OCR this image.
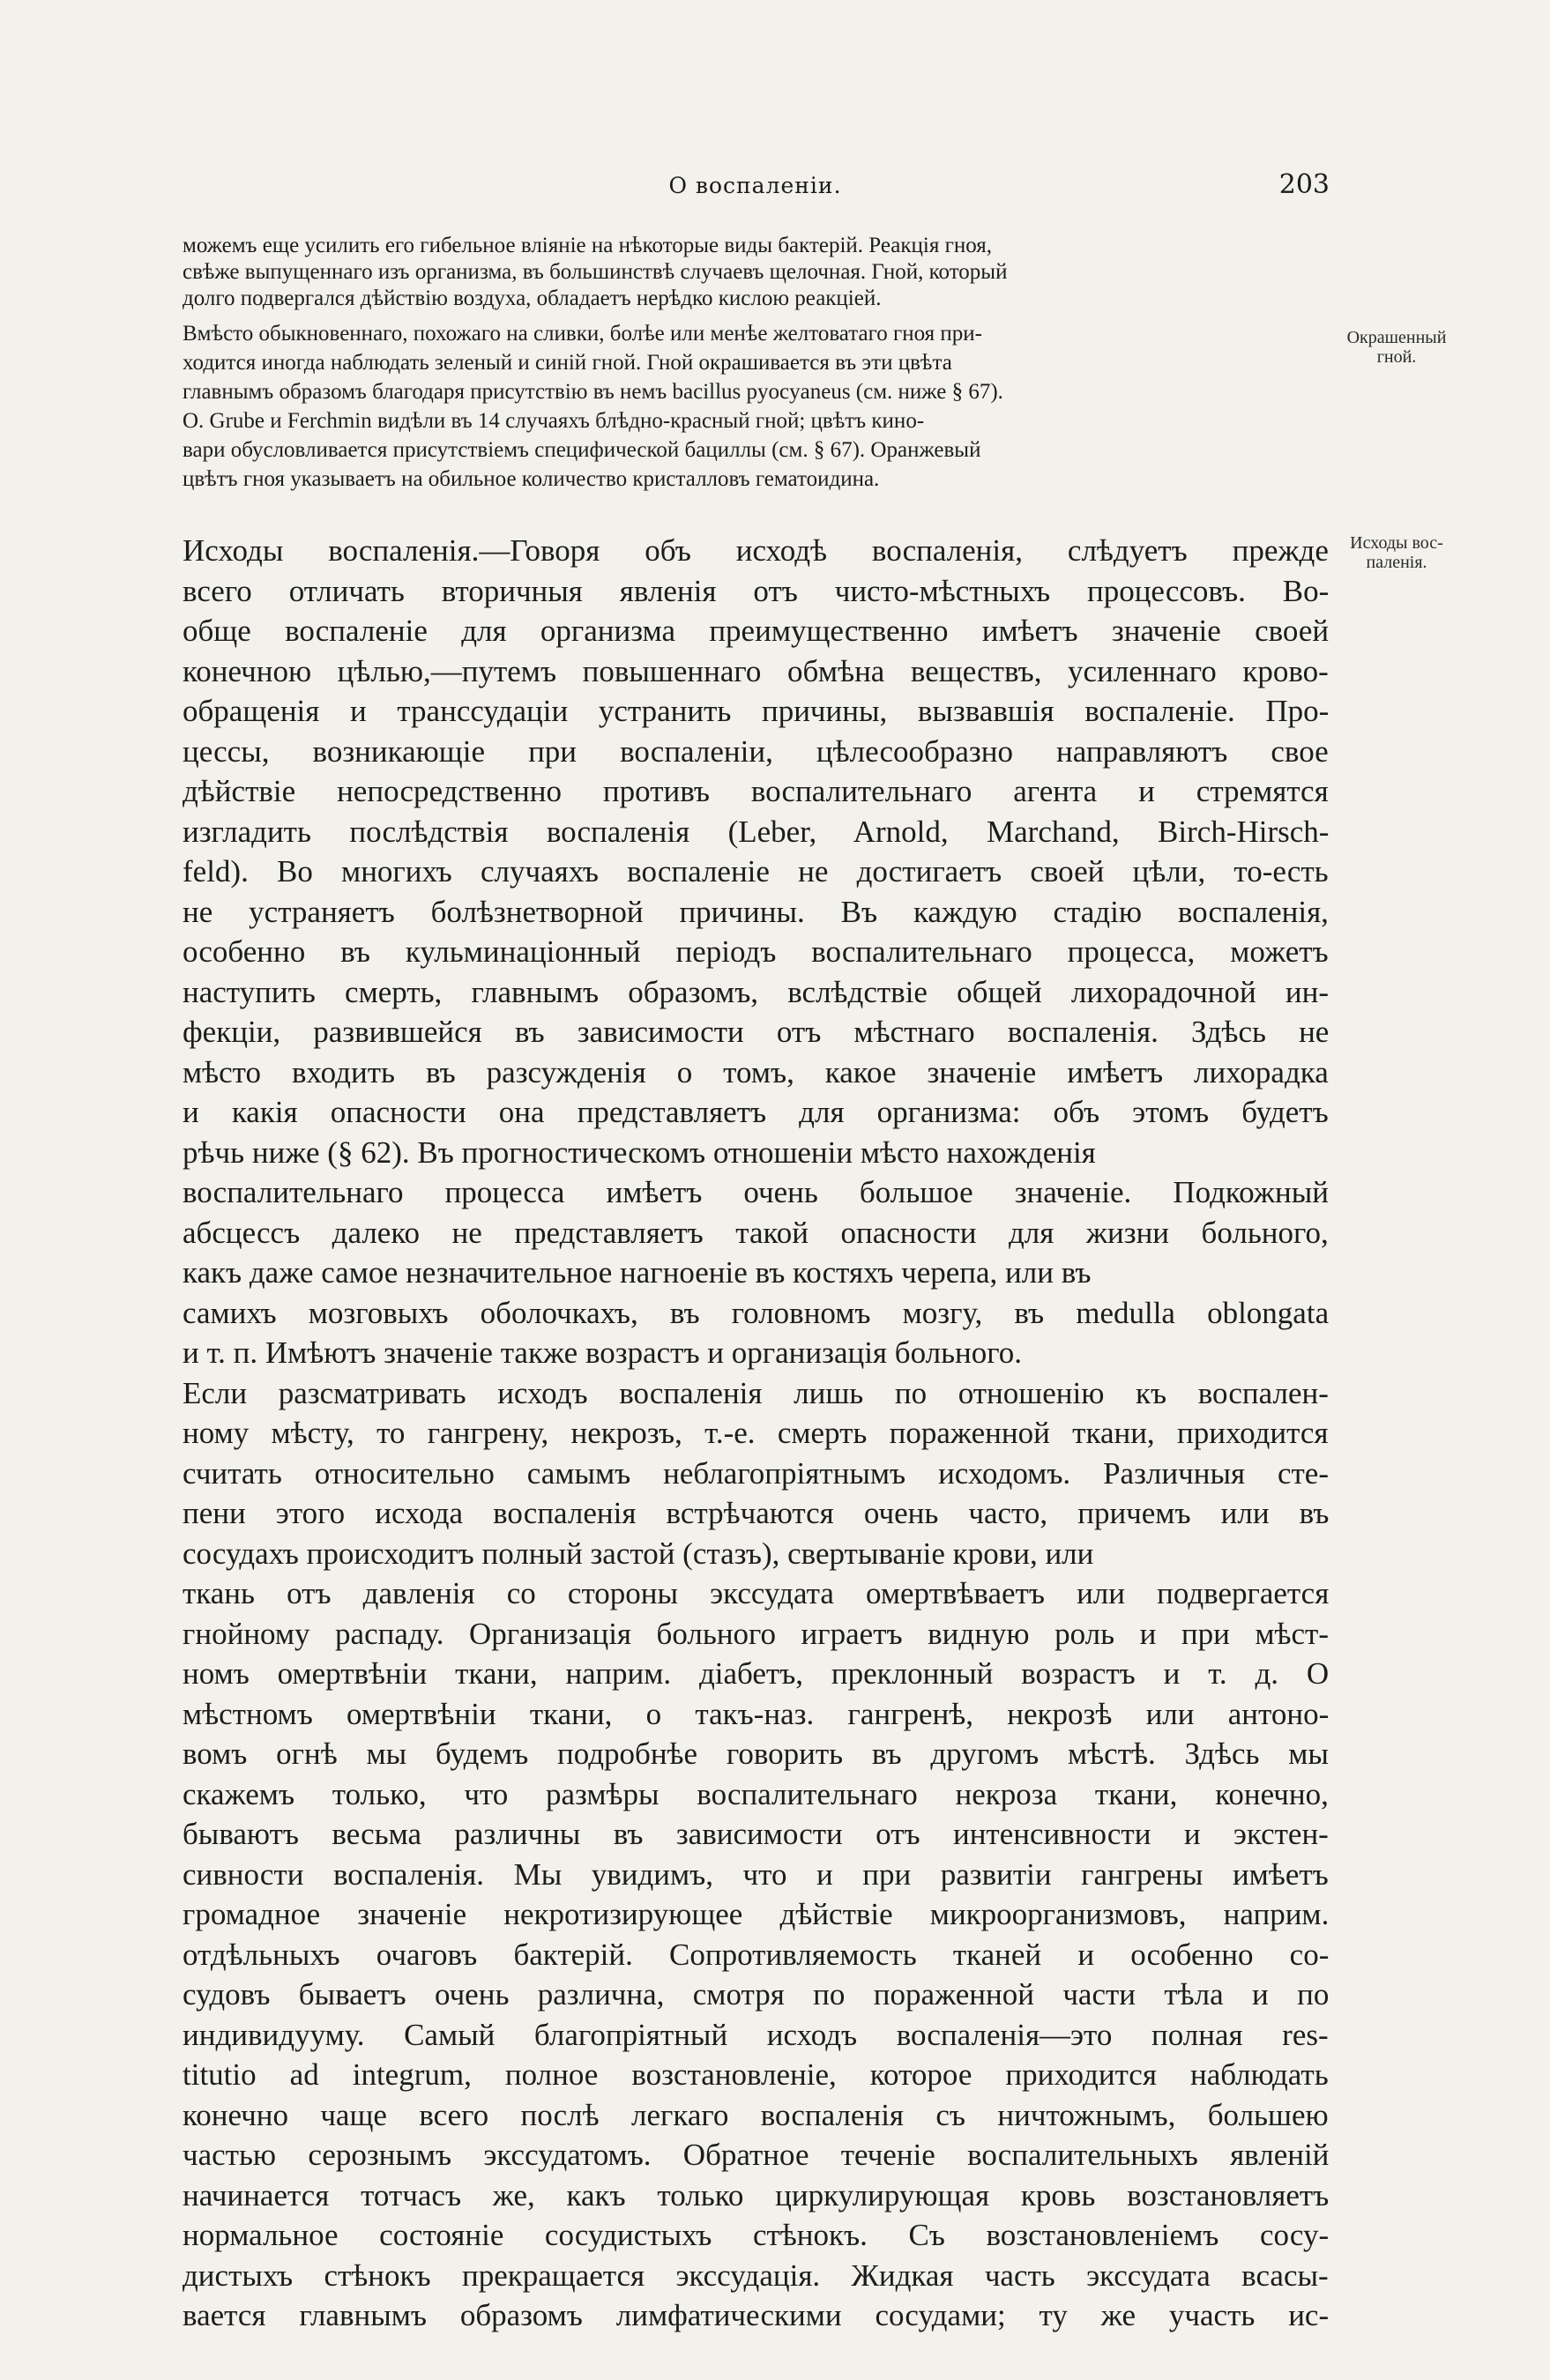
О воспаленіи.	203
можемъ еще усилить его гибельное вліяніе на нѣкоторые виды бактерій. Реакція гноя,
свѣже выпущеннаго изъ организма, въ большинствѣ случаевъ щелочная. Гной, который
долго подвергался дѣйствію воздуха, обладаетъ нерѣдко кислою реакціей.
Вмѣсто обыкновеннаго, похожаго на сливки, болѣе или менѣе желтоватаго гноя при-
ходится иногда наблюдать зеленый и синій гной. Гной окрашивается въ эти цвѣта
главнымъ образомъ благодаря присутствію въ немъ bacillus pyocyaneus (см. ниже § 67).
O. Grube и Ferchmin видѣли въ 14 случаяхъ блѣдно-красный гной; цвѣтъ кино-
вари обусловливается присутствіемъ специфической бациллы (см. § 67). Оранжевый
цвѣтъ гноя указываетъ на обильное количество кристалловъ гематоидина.
Окрашенный
гной.
Исходы вос-
паленія.
Исходы воспаленія.—Говоря объ исходѣ воспаленія, слѣдуетъ прежде
всего отличать вторичныя явленія отъ чисто-мѣстныхъ процессовъ. Во-
обще воспаленіе для организма преимущественно имѣетъ значеніе своей
конечною цѣлью,—путемъ повышеннаго обмѣна веществъ, усиленнаго крово-
обращенія и транссудаціи устранить причины, вызвавшія воспаленіе. Про-
цессы, возникающіе при воспаленіи, цѣлесообразно направляютъ свое
дѣйствіе непосредственно противъ воспалительнаго агента и стремятся
изгладить послѣдствія воспаленія (Leber, Arnold, Marchand, Birch-Hirsch-
feld). Во многихъ случаяхъ воспаленіе не достигаетъ своей цѣли, то-есть
не устраняетъ болѣзнетворной причины. Въ каждую стадію воспаленія,
особенно въ кульминаціонный періодъ воспалительнаго процесса, можетъ
наступить смерть, главнымъ образомъ, вслѣдствіе общей лихорадочной ин-
фекціи, развившейся въ зависимости отъ мѣстнаго воспаленія. Здѣсь не
мѣсто входить въ разсужденія о томъ, какое значеніе имѣетъ лихорадка
и какія опасности она представляетъ для организма: объ этомъ будетъ
рѣчь ниже (§ 62). Въ прогностическомъ отношеніи мѣсто нахожденія
воспалительнаго процесса имѣетъ очень большое значеніе. Подкожный
абсцессъ далеко не представляетъ такой опасности для жизни больного,
какъ даже самое незначительное нагноеніе въ костяхъ черепа, или въ
самихъ мозговыхъ оболочкахъ, въ головномъ мозгу, въ medulla oblongata
и т. п. Имѣютъ значеніе также возрастъ и организація больного.
Если разсматривать исходъ воспаленія лишь по отношенію къ воспален-
ному мѣсту, то гангрену, некрозъ, т.-е. смерть пораженной ткани, приходится
считать относительно самымъ неблагопріятнымъ исходомъ. Различныя сте-
пени этого исхода воспаленія встрѣчаются очень часто, причемъ или въ
сосудахъ происходитъ полный застой (стазъ), свертываніе крови, или
ткань отъ давленія со стороны экссудата омертвѣваетъ или подвергается
гнойному распаду. Организація больного играетъ видную роль и при мѣст-
номъ омертвѣніи ткани, наприм. діабетъ, преклонный возрастъ и т. д. О
мѣстномъ омертвѣніи ткани, о такъ-наз. гангренѣ, некрозѣ или антоно-
вомъ огнѣ мы будемъ подробнѣе говорить въ другомъ мѣстѣ. Здѣсь мы
скажемъ только, что размѣры воспалительнаго некроза ткани, конечно,
бываютъ весьма различны въ зависимости отъ интенсивности и экстен-
сивности воспаленія. Мы увидимъ, что и при развитіи гангрены имѣетъ
громадное значеніе некротизирующее дѣйствіе микроорганизмовъ, наприм.
отдѣльныхъ очаговъ бактерій. Сопротивляемость тканей и особенно со-
судовъ бываетъ очень различна, смотря по пораженной части тѣла и по
индивидууму. Самый благопріятный исходъ воспаленія—это полная res-
titutio ad integrum, полное возстановленіе, которое приходится наблюдать
конечно чаще всего послѣ легкаго воспаленія съ ничтожнымъ, большею
частью серознымъ экссудатомъ. Обратное теченіе воспалительныхъ явленій
начинается тотчасъ же, какъ только циркулирующая кровь возстановляетъ
нормальное состояніе сосудистыхъ стѣнокъ. Съ возстановленіемъ сосу-
дистыхъ стѣнокъ прекращается экссудація. Жидкая часть экссудата всасы-
вается главнымъ образомъ лимфатическими сосудами; ту же участь ис-
